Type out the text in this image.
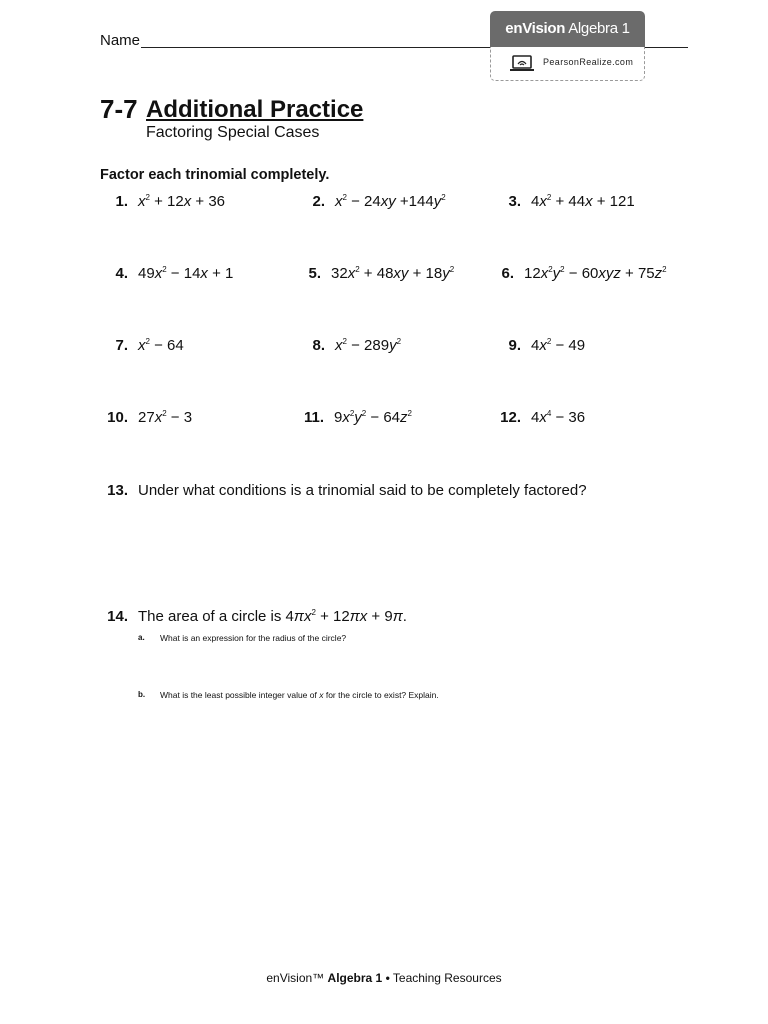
Name
enVision Algebra 1
PearsonRealize.com
7-7 Additional Practice
Factoring Special Cases
Factor each trinomial completely.
1. $x^2 + 12x + 36$	2. $x^2 - 24xy +144y^2$	3. $4x^2 + 44x + 121$
4. $49x^2 - 14x + 1$	5. $32x^2 + 48xy + 18y^2$	6. $12x^2y^2 - 60xyz + 75z^2$
7. $x^2 - 64$	8. $x^2 - 289y^2$	9. $4x^2 - 49$
10. $27x^2 - 3$	11. $9x^2y^2 - 64z^2$	12. $4x^4 - 36$
13. Under what conditions is a trinomial said to be completely factored?
14. The area of a circle is $4\pi x^2 + 12\pi x + 9\pi$.
a. What is an expression for the radius of the circle?
b. What is the least possible integer value of x for the circle to exist? Explain.
enVision™ Algebra 1 • Teaching Resources
